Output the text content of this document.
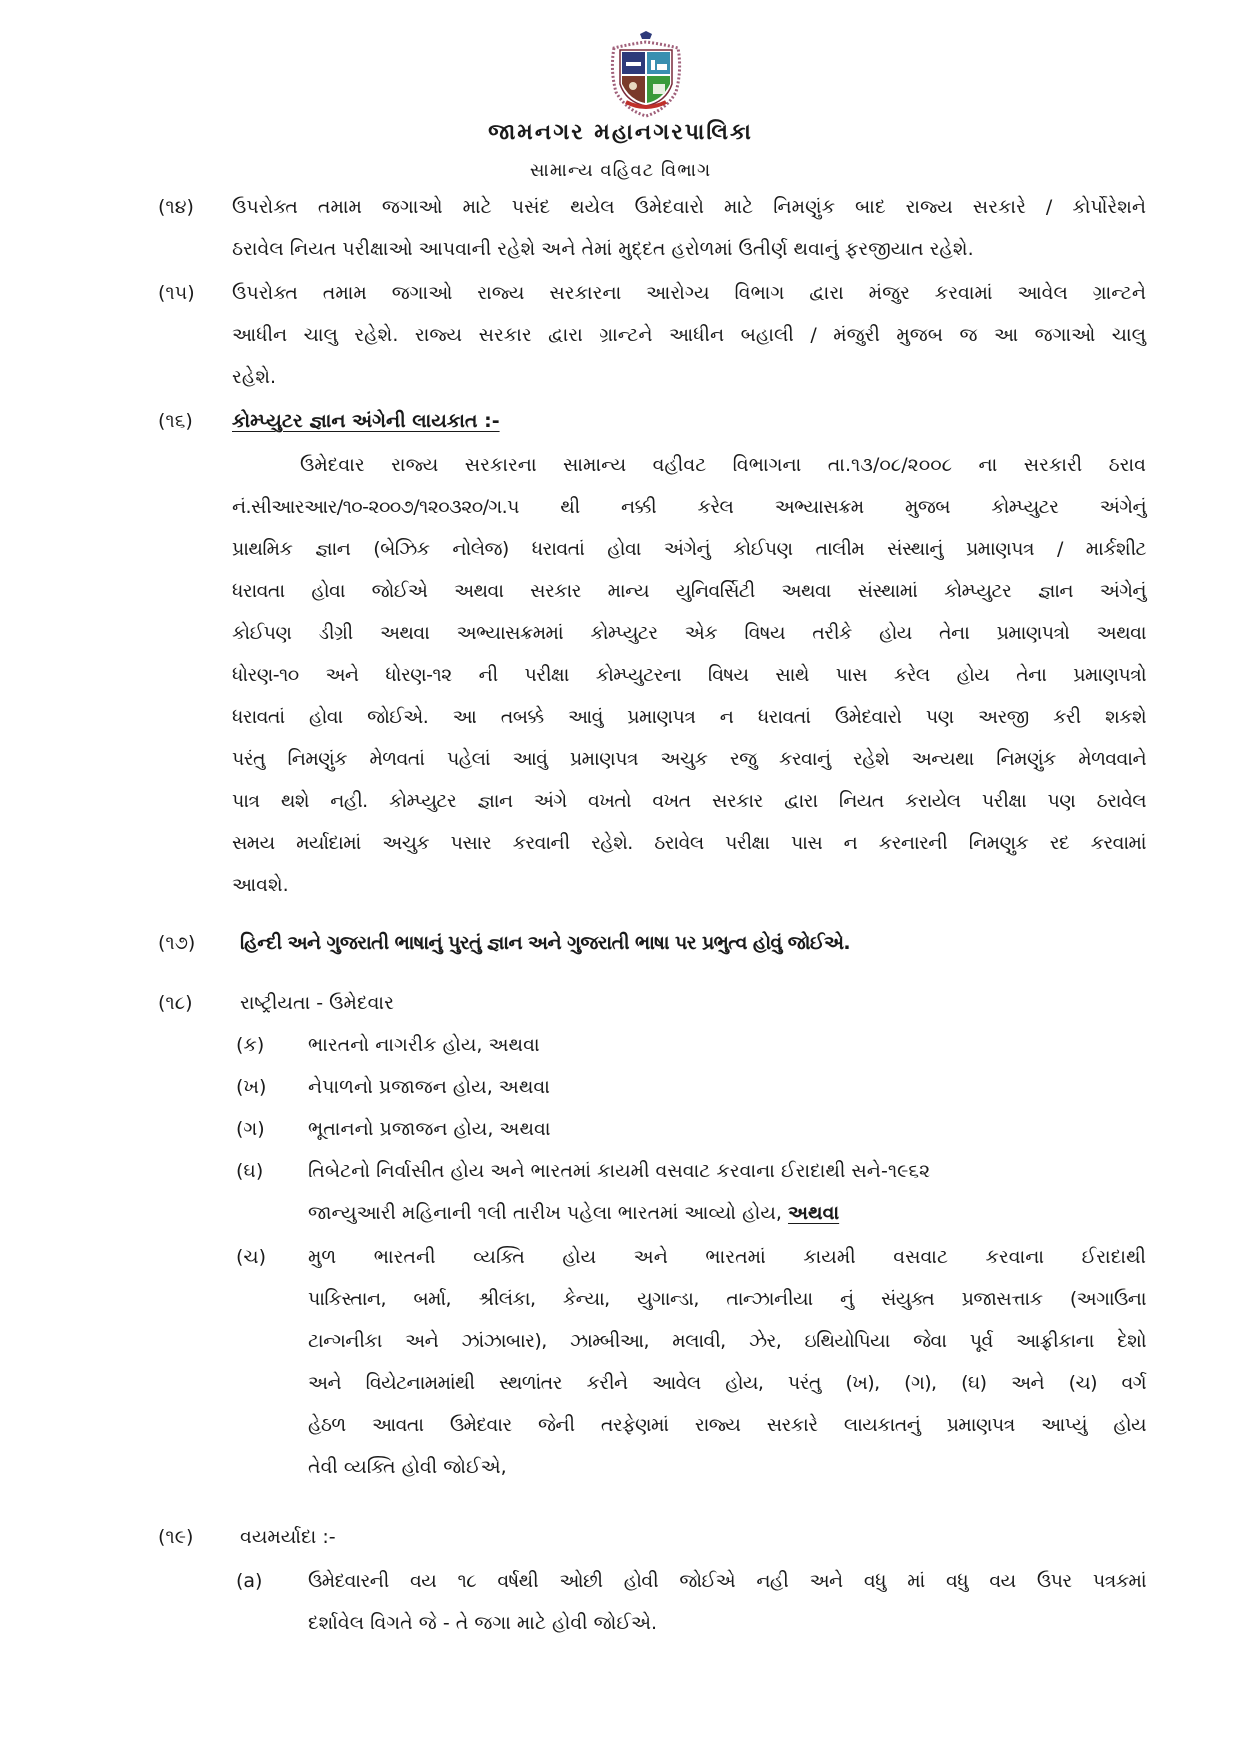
જામનગર મહાનગરપાલિકા
સામાન્ય વહિવટ વિભાગ
(૧૪) ઉપરોક્ત તમામ જગાઓ માટે પસંદ થયેલ ઉમેદવારો માટે નિમણુંક બાદ રાજ્ય સરકારે / કોર્પોરેશને
ઠરાવેલ નિયત પરીક્ષાઓ આપવાની રહેશે અને તેમાં મુદ્દત હરોળમાં ઉતીર્ણ થવાનું ફરજીયાત રહેશે.
(૧૫) ઉપરોક્ત તમામ જગાઓ રાજ્ય સરકારના આરોગ્ય વિભાગ દ્વારા મંજુર કરવામાં આવેલ ગ્રાન્ટને
આધીન ચાલુ રહેશે. રાજ્ય સરકાર દ્વારા ગ્રાન્ટને આધીન બહાલી / મંજુરી મુજબ જ આ જગાઓ ચાલુ
રહેશે.
(૧૬) કોમ્પ્યુટર જ્ઞાન અંગેની લાયકાત :-
ઉમેદવાર રાજ્ય સરકારના સામાન્ય વહીવટ વિભાગના તા.૧૩/૦૮/૨૦૦૮ ના સરકારી ઠરાવ
નં.સીઆરઆર/૧૦-૨૦૦૭/૧૨૦૩૨૦/ગ.પ થી નક્કી કરેલ અભ્યાસક્રમ મુજબ કોમ્પ્યુટર અંગેનું
પ્રાથમિક જ્ઞાન (બેઝિક નોલેજ) ધરાવતાં હોવા અંગેનું કોઈપણ તાલીમ સંસ્થાનું પ્રમાણપત્ર / માર્કશીટ
ધરાવતા હોવા જોઈએ અથવા સરકાર માન્ય યુનિવર્સિટી અથવા સંસ્થામાં કોમ્પ્યુટર જ્ઞાન અંગેનું
કોઈપણ ડીગ્રી અથવા અભ્યાસક્રમમાં કોમ્પ્યુટર એક વિષય તરીકે હોય તેના પ્રમાણપત્રો અથવા
ધોરણ-૧૦ અને ધોરણ-૧૨ ની પરીક્ષા કોમ્પ્યુટરના વિષય સાથે પાસ કરેલ હોય તેના પ્રમાણપત્રો
ધરાવતાં હોવા જોઈએ. આ તબક્કે આવું પ્રમાણપત્ર ન ધરાવતાં ઉમેદવારો પણ અરજી કરી શકશે
પરંતુ નિમણુંક મેળવતાં પહેલાં આવું પ્રમાણપત્ર અચુક રજુ કરવાનું રહેશે અન્યથા નિમણુંક મેળવવાને
પાત્ર થશે નહી. કોમ્પ્યુટર જ્ઞાન અંગે વખતો વખત સરકાર દ્વારા નિયત કરાયેલ પરીક્ષા પણ ઠરાવેલ
સમય મર્યાદામાં અચુક પસાર કરવાની રહેશે. ઠરાવેલ પરીક્ષા પાસ ન કરનારની નિમણુક રદ કરવામાં
આવશે.
(૧૭) હિન્દી અને ગુજરાતી ભાષાનું પુરતું જ્ઞાન અને ગુજરાતી ભાષા પર પ્રભુત્વ હોવું જોઈએ.
(૧૮) રાષ્ટ્રીયતા - ઉમેદવાર
(ક) ભારતનો નાગરીક હોય, અથવા
(ખ) નેપાળનો પ્રજાજન હોય, અથવા
(ગ) ભૂતાનનો પ્રજાજન હોય, અથવા
(ઘ) તિબેટનો નિર્વાસીત હોય અને ભારતમાં કાયમી વસવાટ કરવાના ઈરાદાથી સને-૧૯૬૨
જાન્યુઆરી મહિનાની ૧લી તારીખ પહેલા ભારતમાં આવ્યો હોય, અથવા
(ચ) મુળ ભારતની વ્યક્તિ હોય અને ભારતમાં કાયમી વસવાટ કરવાના ઈરાદાથી
પાકિસ્તાન, બર્મા, શ્રીલંકા, કેન્યા, યુગાન્ડા, તાન્ઝાનીયા નું સંયુક્ત પ્રજાસત્તાક (અગાઉના
ટાન્ગનીકા અને ઝાંઝાબાર), ઝામ્બીઆ, મલાવી, ઝેર, ઇથિયોપિયા જેવા પૂર્વ આફ્રીકાના દેશો
અને વિયેટનામમાંથી સ્થળાંતર કરીને આવેલ હોય, પરંતુ (ખ), (ગ), (ઘ) અને (ચ) વર્ગ
હેઠળ આવતા ઉમેદવાર જેની તરફેણમાં રાજ્ય સરકારે લાયકાતનું પ્રમાણપત્ર આપ્યું હોય
તેવી વ્યક્તિ હોવી જોઈએ,
(૧૯) વયમર્યાદા :-
(a) ઉમેદવારની વય ૧૮ વર્ષથી ઓછી હોવી જોઈએ નહી અને વધુ માં વધુ વય ઉપર પત્રકમાં
દર્શાવેલ વિગતે જે - તે જગા માટે હોવી જોઈએ.
